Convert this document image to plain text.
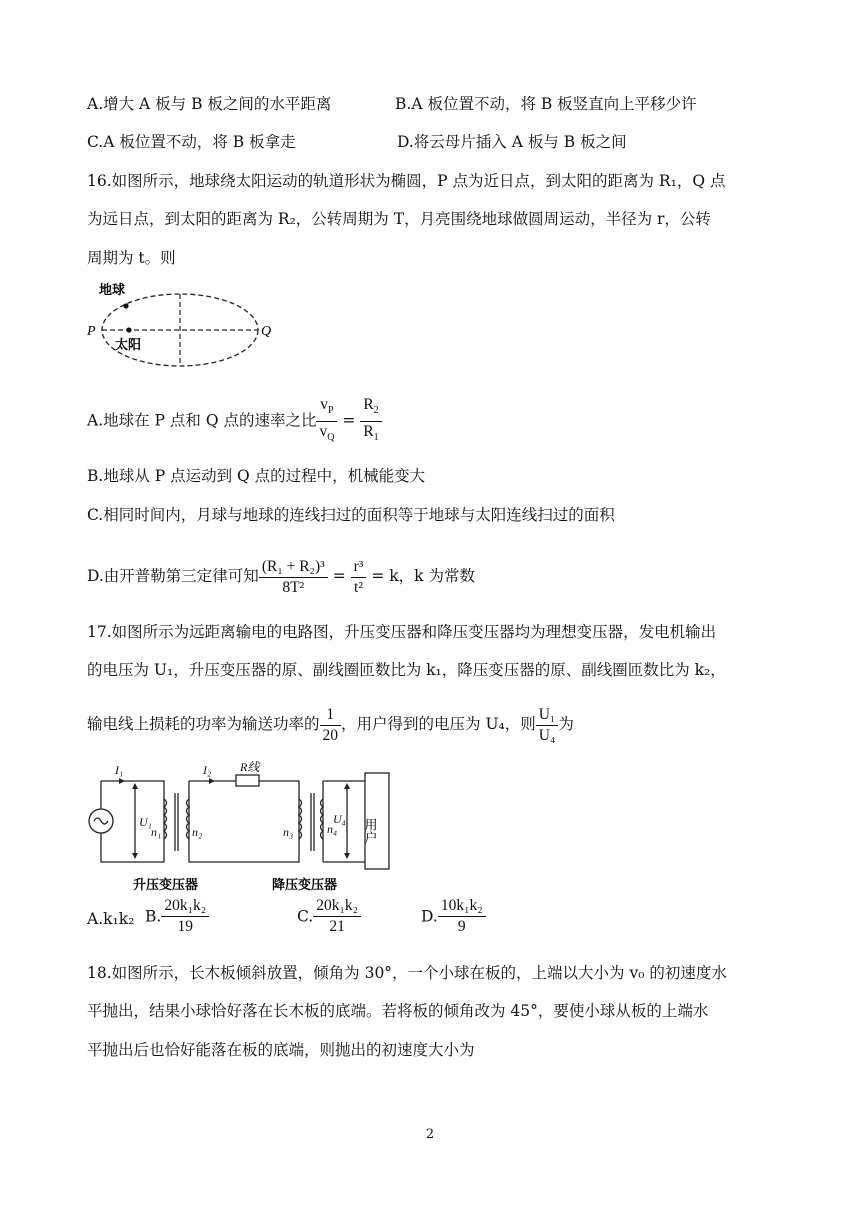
A.增大 A 板与 B 板之间的水平距离	B.A 板位置不动，将 B 板竖直向上平移少许
C.A 板位置不动，将 B 板拿走	D.将云母片插入 A 板与 B 板之间
16.如图所示，地球绕太阳运动的轨道形状为椭圆，P 点为近日点，到太阳的距离为 R₁，Q 点
为远日点，到太阳的距离为 R₂，公转周期为 T，月亮围绕地球做圆周运动，半径为 r，公转
周期为 t。则
地球
太阳
P	Q
A.地球在 P 点和 Q 点的速率之比 $\frac{v_P}{v_Q} = \frac{R_2}{R_1}$
B.地球从 P 点运动到 Q 点的过程中，机械能变大
C.相同时间内，月球与地球的连线扫过的面积等于地球与太阳连线扫过的面积
D.由开普勒第三定律可知 $\frac{\text{(R₁ + R₂)³}}{\text{8T²}} = \frac{\text{r³}}{\text{t²}} = k$，k 为常数
17.如图所示为远距离输电的电路图，升压变压器和降压变压器均为理想变压器，发电机输出
的电压为 U₁，升压变压器的原、副线圈匝数比为 k₁，降压变压器的原、副线圈匝数比为 k₂，
输电线上损耗的功率为输送功率的 $\frac{1}{20}$ ，用户得到的电压为 U₄，则 $\frac{\text{U₁}}{\text{U₄}}$ 为
I₁	I₂ R线
U₁
n₁	n₂	n₃	n₄
U₄ 用户
升压变压器	降压变压器
A.k₁k₂ B. $\frac{\text{20k₁k₂}}{19}$	C. $\frac{\text{20k₁k₂}}{21}$	D. $\frac{\text{10k₁k₂}}{9}$
18.如图所示，长木板倾斜放置，倾角为 30°，一个小球在板的，上端以大小为 v₀ 的初速度水
平抛出，结果小球恰好落在长木板的底端。若将板的倾角改为 45°，要使小球从板的上端水
平抛出后也恰好能落在板的底端，则抛出的初速度大小为
2
